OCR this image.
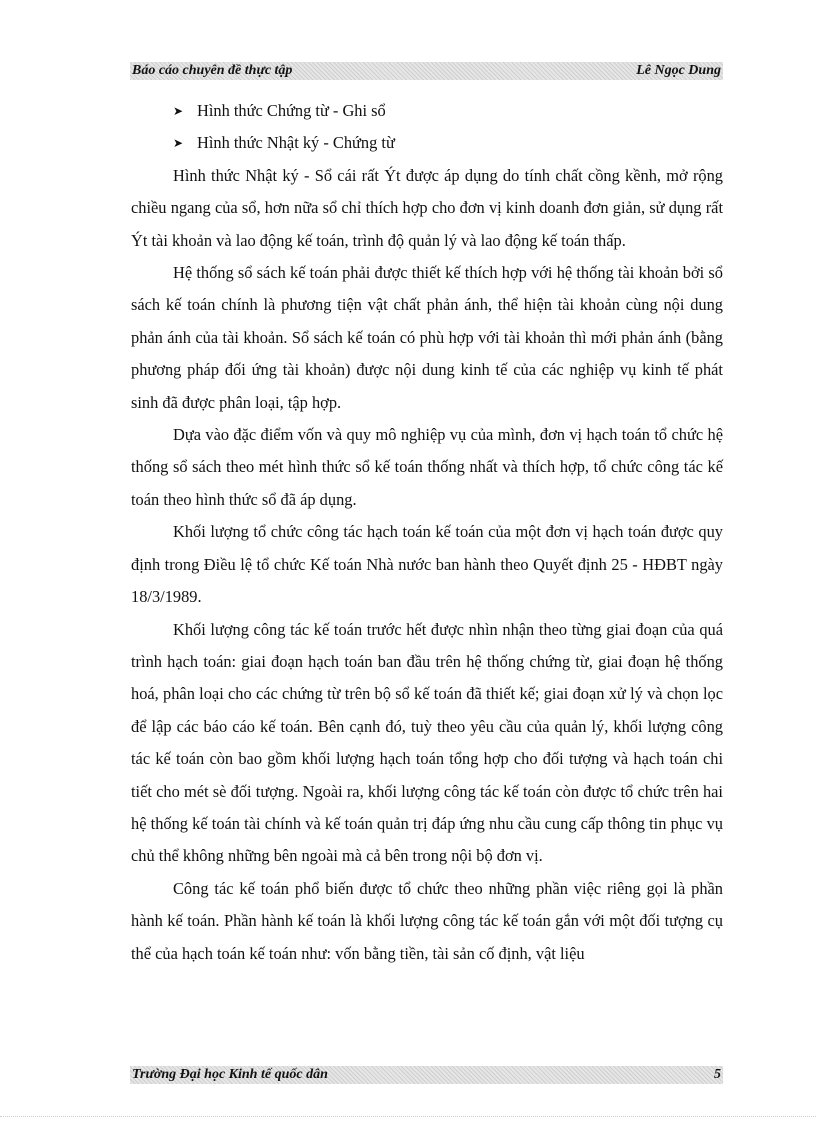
Báo cáo chuyên đề thực tập	Lê Ngọc Dung

➤ Hình thức Chứng từ - Ghi sổ

➤ Hình thức Nhật ký - Chứng từ

Hình thức Nhật ký - Sổ cái rất Ýt được áp dụng do tính chất cồng kềnh, mở rộng chiều ngang của sổ, hơn nữa sổ chỉ thích hợp cho đơn vị kinh doanh đơn giản, sử dụng rất Ýt tài khoản và lao động kế toán, trình độ quản lý và lao động kế toán thấp.

Hệ thống sổ sách kế toán phải được thiết kế thích hợp với hệ thống tài khoản bởi sổ sách kế toán chính là phương tiện vật chất phản ánh, thể hiện tài khoản cùng nội dung phản ánh của tài khoản. Sổ sách kế toán có phù hợp với tài khoản thì mới phản ánh (bằng phương pháp đối ứng tài khoản) được nội dung kinh tế của các nghiệp vụ kinh tế phát sinh đã được phân loại, tập hợp.

Dựa vào đặc điểm vốn và quy mô nghiệp vụ của mình, đơn vị hạch toán tổ chức hệ thống sổ sách theo mét hình thức sổ kế toán thống nhất và thích hợp, tổ chức công tác kế toán theo hình thức sổ đã áp dụng.

Khối lượng tổ chức công tác hạch toán kế toán của một đơn vị hạch toán được quy định trong Điều lệ tổ chức Kế toán Nhà nước ban hành theo Quyết định 25 - HĐBT ngày 18/3/1989.

Khối lượng công tác kế toán trước hết được nhìn nhận theo từng giai đoạn của quá trình hạch toán: giai đoạn hạch toán ban đầu trên hệ thống chứng từ, giai đoạn hệ thống hoá, phân loại cho các chứng từ trên bộ sổ kế toán đã thiết kế; giai đoạn xử lý và chọn lọc để lập các báo cáo kế toán. Bên cạnh đó, tuỳ theo yêu cầu của quản lý, khối lượng công tác kế toán còn bao gồm khối lượng hạch toán tổng hợp cho đối tượng và hạch toán chi tiết cho mét sè đối tượng. Ngoài ra, khối lượng công tác kế toán còn được tổ chức trên hai hệ thống kế toán tài chính và kế toán quản trị đáp ứng nhu cầu cung cấp thông tin phục vụ chủ thể không những bên ngoài mà cả bên trong nội bộ đơn vị.

Công tác kế toán phổ biến được tổ chức theo những phần việc riêng gọi là phần hành kế toán. Phần hành kế toán là khối lượng công tác kế toán gắn với một đối tượng cụ thể của hạch toán kế toán như: vốn bằng tiền, tài sản cố định, vật liệu

Trường Đại học Kinh tế quốc dân	5
